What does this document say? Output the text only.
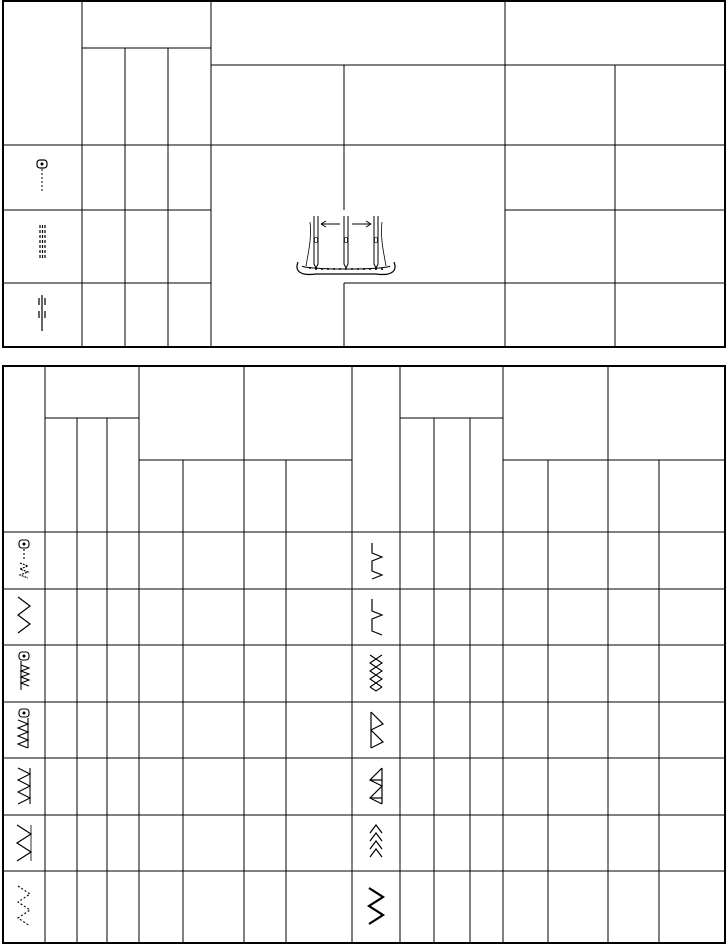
0	0	0
